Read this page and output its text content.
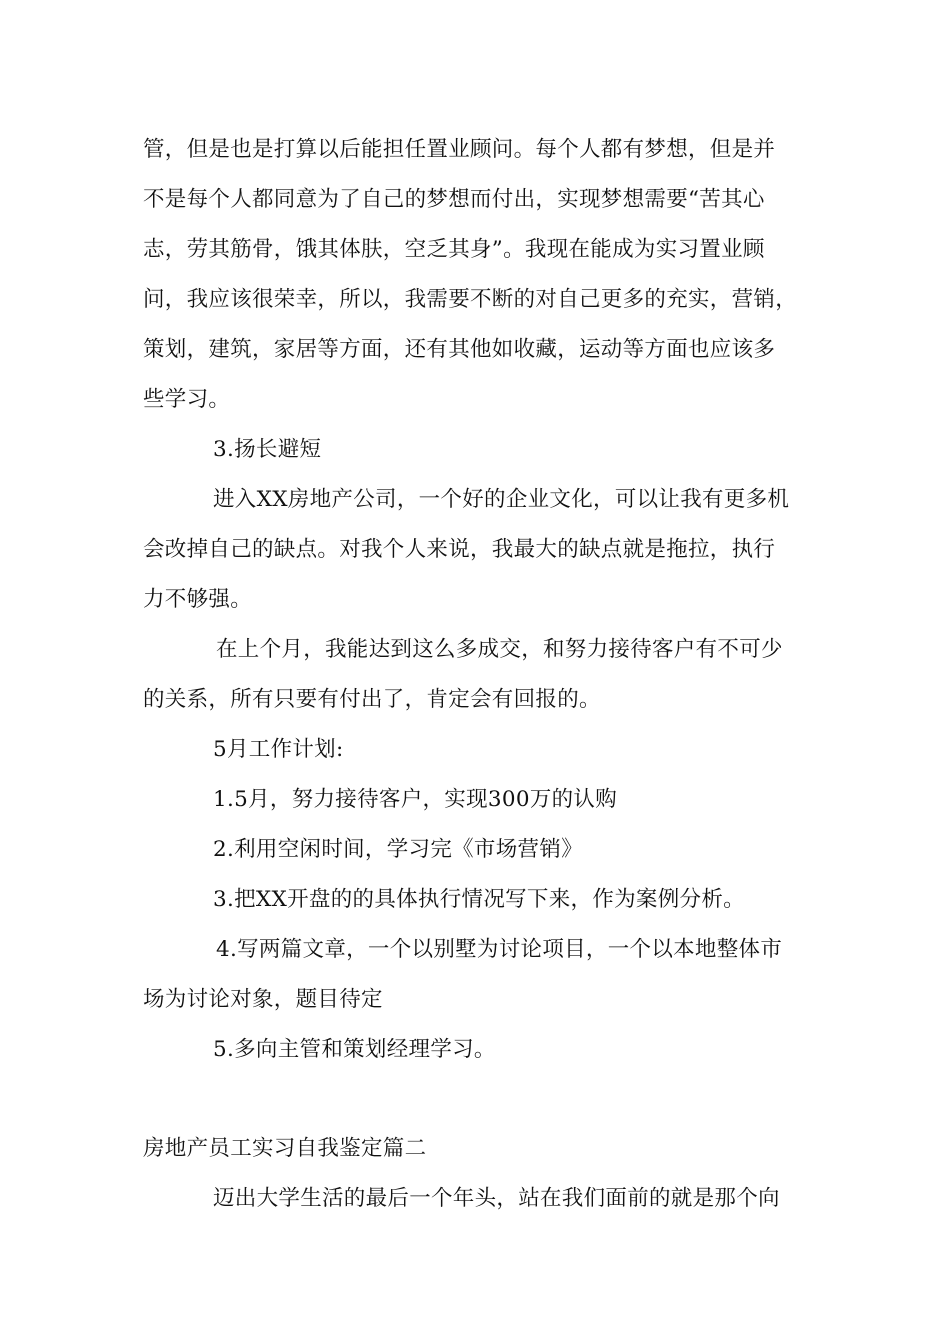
管，但是也是打算以后能担任置业顾问。每个人都有梦想，但是并
不是每个人都同意为了自己的梦想而付出，实现梦想需要“苦其心
志，劳其筋骨，饿其体肤，空乏其身”。我现在能成为实习置业顾
问，我应该很荣幸，所以，我需要不断的对自己更多的充实，营销，
策划，建筑，家居等方面，还有其他如收藏，运动等方面也应该多
些学习。
3.扬长避短
进入XX房地产公司，一个好的企业文化，可以让我有更多机
会改掉自己的缺点。对我个人来说，我最大的缺点就是拖拉，执行
力不够强。
在上个月，我能达到这么多成交，和努力接待客户有不可少
的关系，所有只要有付出了，肯定会有回报的。
5月工作计划:
1.5月，努力接待客户，实现300万的认购
2.利用空闲时间，学习完《市场营销》
3.把XX开盘的的具体执行情况写下来，作为案例分析。
4.写两篇文章，一个以别墅为讨论项目，一个以本地整体市
场为讨论对象，题目待定
5.多向主管和策划经理学习。
房地产员工实习自我鉴定篇二
迈出大学生活的最后一个年头，站在我们面前的就是那个向
